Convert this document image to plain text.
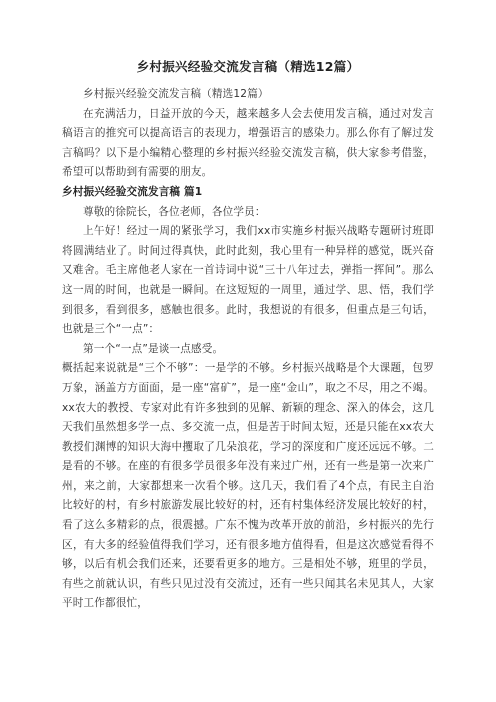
乡村振兴经验交流发言稿（精选12篇）

乡村振兴经验交流发言稿（精选12篇）

在充满活力，日益开放的今天，越来越多人会去使用发言稿，通过对发言稿语言的推究可以提高语言的表现力，增强语言的感染力。那么你有了解过发言稿吗？以下是小编精心整理的乡村振兴经验交流发言稿，供大家参考借鉴，希望可以帮助到有需要的朋友。

乡村振兴经验交流发言稿 篇1

尊敬的徐院长，各位老师，各位学员：

上午好！经过一周的紧张学习，我们xx市实施乡村振兴战略专题研讨班即将圆满结业了。时间过得真快，此时此刻，我心里有一种异样的感觉，既兴奋又难舍。毛主席他老人家在一首诗词中说“三十八年过去，弹指一挥间”。那么这一周的时间，也就是一瞬间。在这短短的一周里，通过学、思、悟，我们学到很多，看到很多，感触也很多。此时，我想说的有很多，但重点是三句话，也就是三个“一点”：

第一个“一点”是谈一点感受。

概括起来说就是“三个不够”：一是学的不够。乡村振兴战略是个大课题，包罗万象，涵盖方方面面，是一座“富矿”，是一座“金山”，取之不尽，用之不竭。xx农大的教授、专家对此有许多独到的见解、新颖的理念、深入的体会，这几天我们虽然想多学一点、多交流一点，但是苦于时间太短，还是只能在xx农大教授们渊博的知识大海中攫取了几朵浪花，学习的深度和广度还远远不够。二是看的不够。在座的有很多学员很多年没有来过广州，还有一些是第一次来广州，来之前，大家都想来一次看个够。这几天，我们看了4个点，有民主自治比较好的村，有乡村旅游发展比较好的村，还有村集体经济发展比较好的村，看了这么多精彩的点，很震撼。广东不愧为改革开放的前沿，乡村振兴的先行区，有大多的经验值得我们学习，还有很多地方值得看，但是这次感觉看得不够，以后有机会我们还来，还要看更多的地方。三是相处不够，班里的学员，有些之前就认识，有些只见过没有交流过，还有一些只闻其名未见其人，大家平时工作都很忙，
